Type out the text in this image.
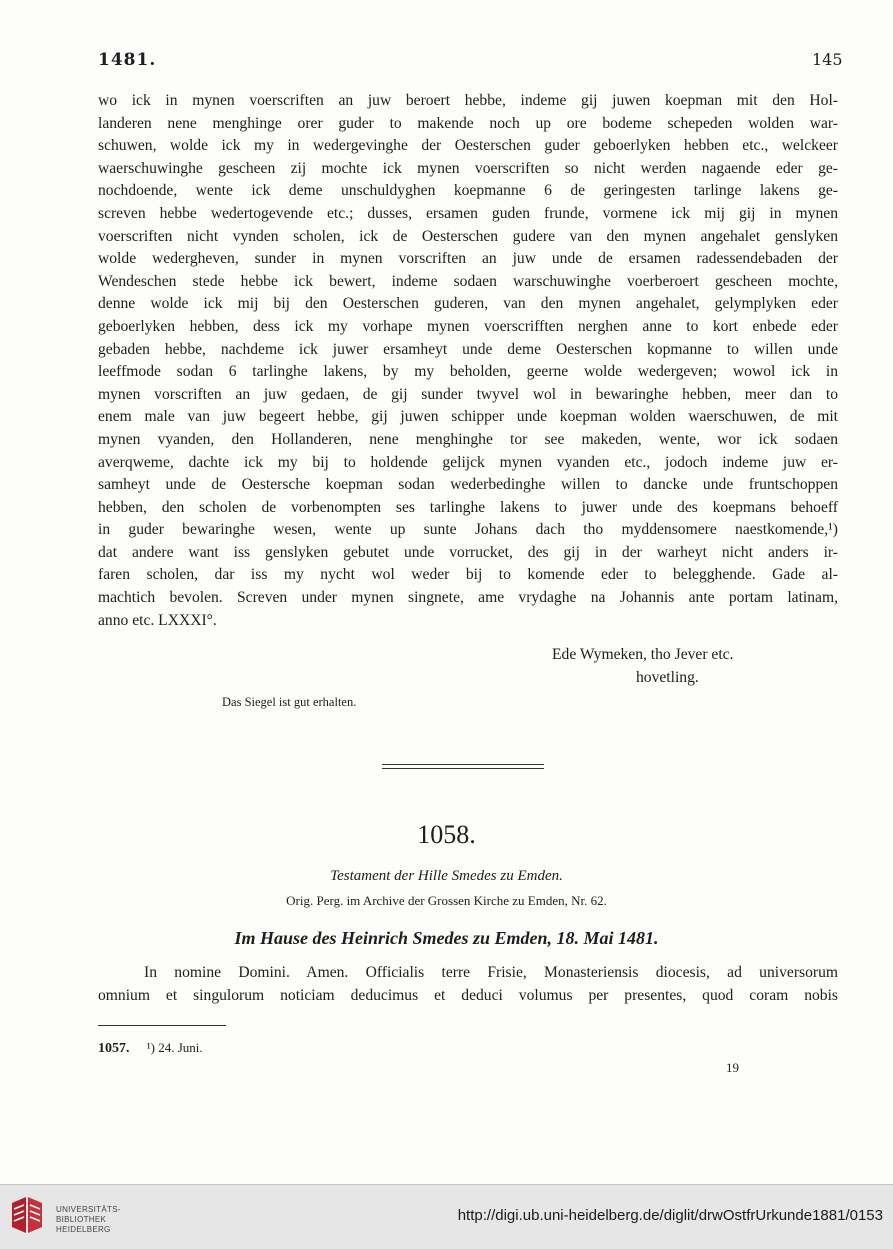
1481.	145
wo ick in mynen voerscriften an juw beroert hebbe, indeme gij juwen koepman mit den Hol-
landeren nene menghinge orer guder to makende noch up ore bodeme schepeden wolden war-
schuwen, wolde ick my in wedergevinghe der Oesterschen guder geboerlyken hebben etc., welckeer
waerschuwinghe gescheen zij mochte ick mynen voerscriften so nicht werden nagaende eder ge-
nochdoende, wente ick deme unschuldyghen koepmanne 6 de geringesten tarlinge lakens ge-
screven hebbe wedertogevende etc.; dusses, ersamen guden frunde, vormene ick mij gij in mynen
voerscriften nicht vynden scholen, ick de Oesterschen gudere van den mynen angehalet genslyken
wolde wedergheven, sunder in mynen vorscriften an juw unde de ersamen radessendebaden der
Wendeschen stede hebbe ick bewert, indeme sodaen warschuwinghe voerberoert gescheen mochte,
denne wolde ick mij bij den Oesterschen guderen, van den mynen angehalet, gelymplyken eder
geboerlyken hebben, dess ick my vorhape mynen voerscrifften nerghen anne to kort enbede eder
gebaden hebbe, nachdeme ick juwer ersamheyt unde deme Oesterschen kopmanne to willen unde
leeffmode sodan 6 tarlinghe lakens, by my beholden, geerne wolde wedergeven; wowol ick in
mynen vorscriften an juw gedaen, de gij sunder twyvel wol in bewaringhe hebben, meer dan to
enem male van juw begeert hebbe, gij juwen schipper unde koepman wolden waerschuwen, de mit
mynen vyanden, den Hollanderen, nene menghinghe tor see makeden, wente, wor ick sodaen
averqweme, dachte ick my bij to holdende gelijck mynen vyanden etc., jodoch indeme juw er-
samheyt unde de Oestersche koepman sodan wederbedinghe willen to dancke unde fruntschoppen
hebben, den scholen de vorbenompten ses tarlinghe lakens to juwer unde des koepmans behoeff
in guder bewaringhe wesen, wente up sunte Johans dach tho myddensomere naestkomende,¹)
dat andere want iss genslyken gebutet unde vorrucket, des gij in der warheyt nicht anders ir-
faren scholen, dar iss my nycht wol weder bij to komende eder to belegghende. Gade al-
machtich bevolen. Screven under mynen singnete, ame vrydaghe na Johannis ante portam latinam,
anno etc. LXXXI°.
Ede Wymeken, tho Jever etc.
hovetling.
Das Siegel ist gut erhalten.
1058.
Testament der Hille Smedes zu Emden.
Orig. Perg. im Archive der Grossen Kirche zu Emden, Nr. 62.
Im Hause des Heinrich Smedes zu Emden, 18. Mai 1481.
In nomine Domini. Amen. Officialis terre Frisie, Monasteriensis diocesis, ad universorum
omnium et singulorum noticiam deducimus et deduci volumus per presentes, quod coram nobis
1057. ¹) 24. Juni.
19
UNIVERSITÄTS-
BIBLIOTHEK
HEIDELBERG
http://digi.ub.uni-heidelberg.de/diglit/drwOstfrUrkunde1881/0153
